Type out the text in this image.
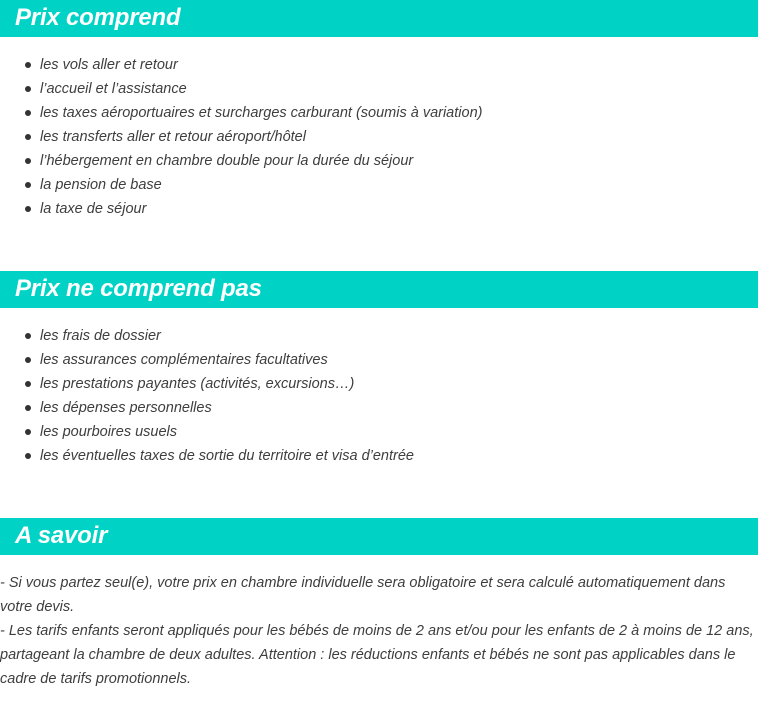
Prix comprend
les vols aller et retour
l’accueil et l’assistance
les taxes aéroportuaires et surcharges carburant (soumis à variation)
les transferts aller et retour aéroport/hôtel
l’hébergement en chambre double pour la durée du séjour
la pension de base
la taxe de séjour
Prix ne comprend pas
les frais de dossier
les assurances complémentaires facultatives
les prestations payantes (activités, excursions…)
les dépenses personnelles
les pourboires usuels
les éventuelles taxes de sortie du territoire et visa d’entrée
A savoir

- Si vous partez seul(e), votre prix en chambre individuelle sera obligatoire et sera calculé automatiquement dans votre devis.

- Les tarifs enfants seront appliqués pour les bébés de moins de 2 ans et/ou pour les enfants de 2 à moins de 12 ans, partageant la chambre de deux adultes. Attention : les réductions enfants et bébés ne sont pas applicables dans le cadre de tarifs promotionnels.
